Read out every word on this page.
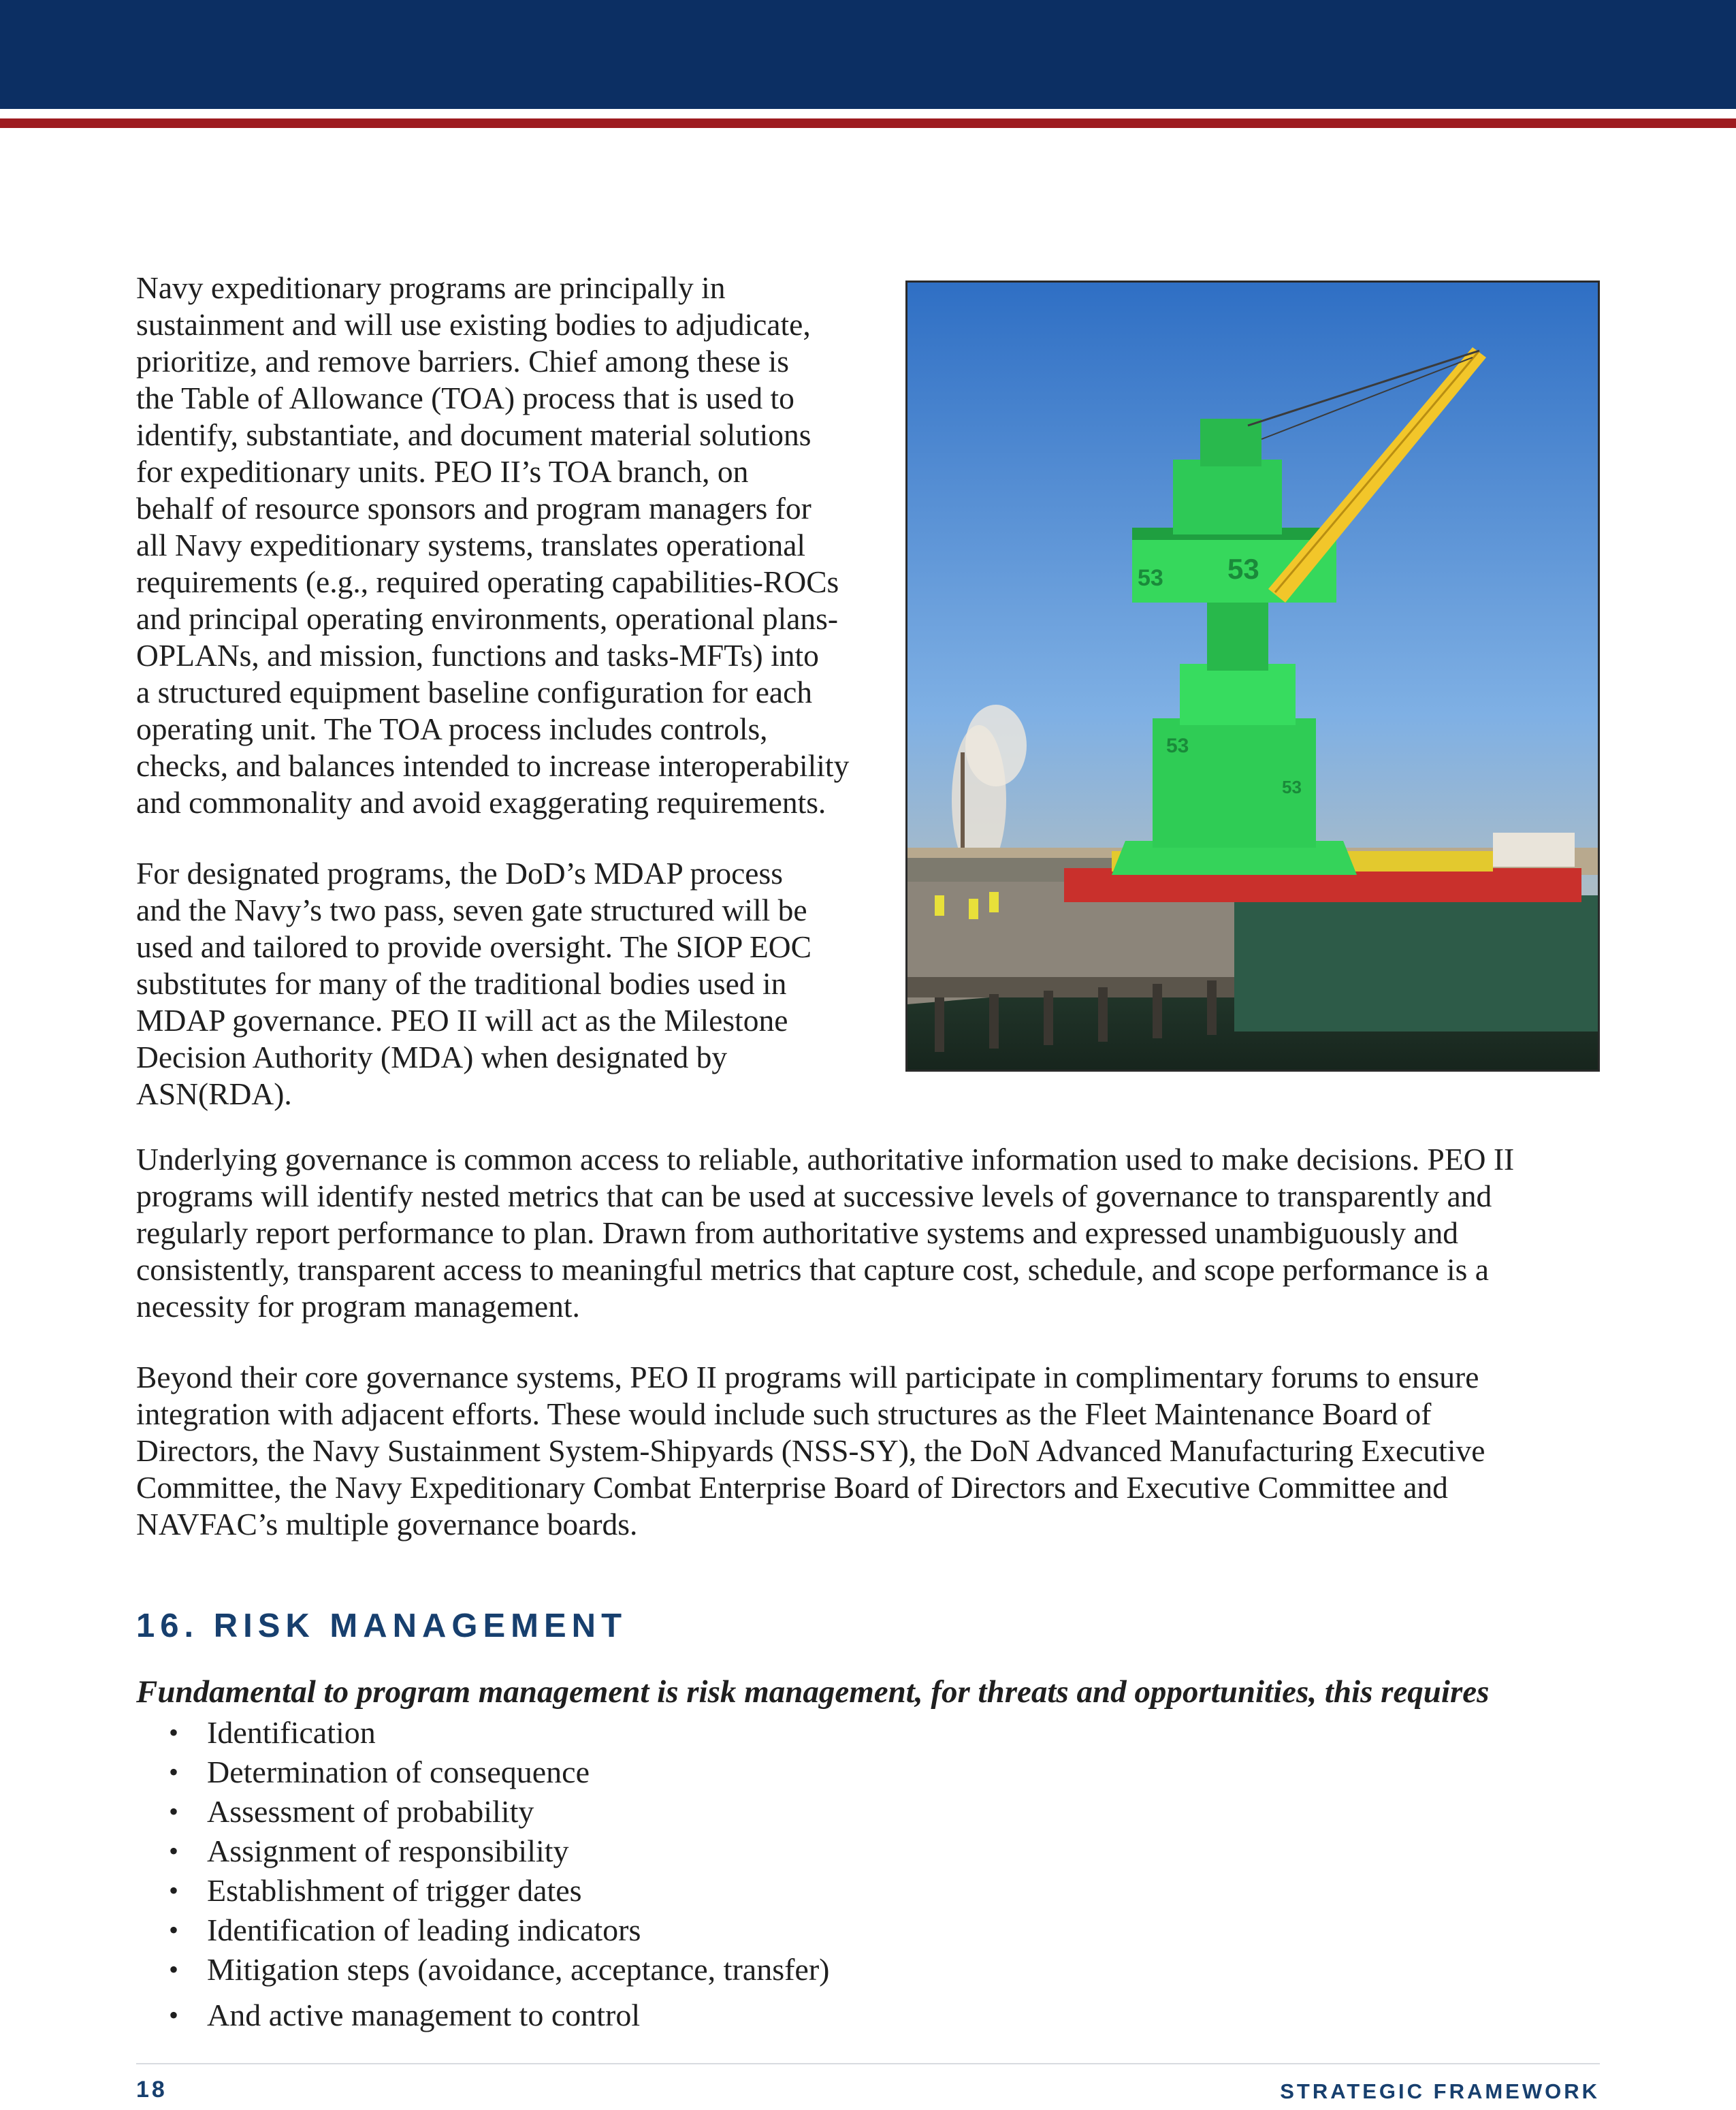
Navy expeditionary programs are principally in
sustainment and will use existing bodies to adjudicate,
prioritize, and remove barriers. Chief among these is
the Table of Allowance (TOA) process that is used to
identify, substantiate, and document material solutions
for expeditionary units. PEO II’s TOA branch, on
behalf of resource sponsors and program managers for
all Navy expeditionary systems, translates operational
requirements (e.g., required operating capabilities-ROCs
and principal operating environments, operational plans-
OPLANs, and mission, functions and tasks-MFTs) into
a structured equipment baseline configuration for each
operating unit. The TOA process includes controls,
checks, and balances intended to increase interoperability
and commonality and avoid exaggerating requirements.

For designated programs, the DoD’s MDAP process
and the Navy’s two pass, seven gate structured will be
used and tailored to provide oversight. The SIOP EOC
substitutes for many of the traditional bodies used in
MDAP governance. PEO II will act as the Milestone
Decision Authority (MDA) when designated by
ASN(RDA).

53
53
53
53

Underlying governance is common access to reliable, authoritative information used to make decisions. PEO II
programs will identify nested metrics that can be used at successive levels of governance to transparently and
regularly report performance to plan. Drawn from authoritative systems and expressed unambiguously and
consistently, transparent access to meaningful metrics that capture cost, schedule, and scope performance is a
necessity for program management.

Beyond their core governance systems, PEO II programs will participate in complimentary forums to ensure
integration with adjacent efforts. These would include such structures as the Fleet Maintenance Board of
Directors, the Navy Sustainment System-Shipyards (NSS-SY), the DoN Advanced Manufacturing Executive
Committee, the Navy Expeditionary Combat Enterprise Board of Directors and Executive Committee and
NAVFAC’s multiple governance boards.

16. RISK MANAGEMENT

Fundamental to program management is risk management, for threats and opportunities, this requires

• Identification
• Determination of consequence
• Assessment of probability
• Assignment of responsibility
• Establishment of trigger dates
• Identification of leading indicators
• Mitigation steps (avoidance, acceptance, transfer)
• And active management to control
18	STRATEGIC FRAMEWORK
